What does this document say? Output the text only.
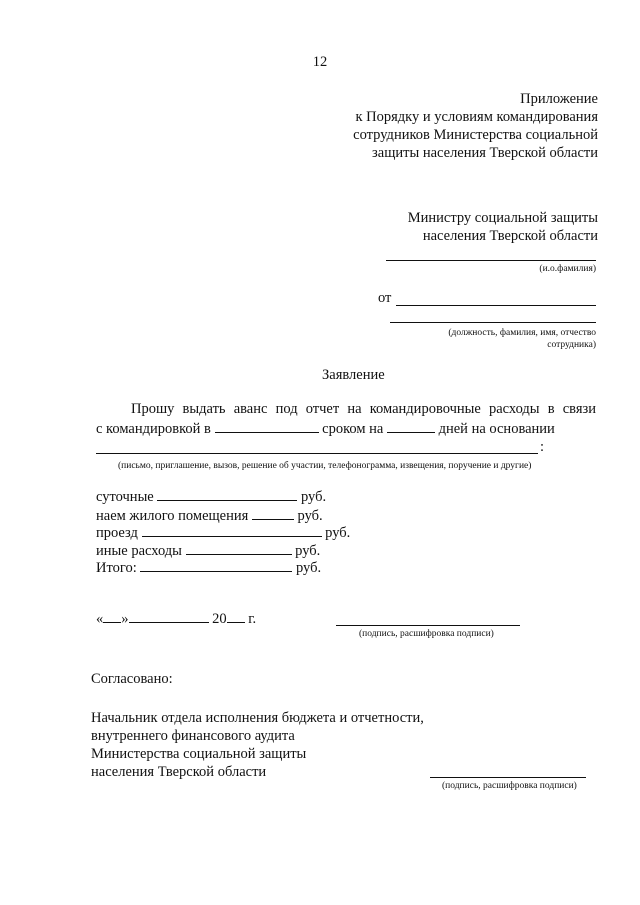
12
Приложение
к Порядку и условиям командирования
сотрудников Министерства социальной
защиты населения Тверской области
Министру социальной защиты
населения Тверской области
(и.о.фамилия)
от
(должность, фамилия, имя, отчество
сотрудника)
Заявление
Прошу выдать аванс под отчет на командировочные расходы в связи
с командировкой в	сроком на	дней на основании
:
(письмо, приглашение, вызов, решение об участии, телефонограмма, извещения, поручение и другие)
суточные	руб.
наем жилого помещения	руб.
проезд	руб.
иные расходы	руб.
Итого:	руб.
« »	20 г.
(подпись, расшифровка подписи)
Согласовано:
Начальник отдела исполнения бюджета и отчетности,
внутреннего финансового аудита
Министерства социальной защиты
населения Тверской области
(подпись, расшифровка подписи)
